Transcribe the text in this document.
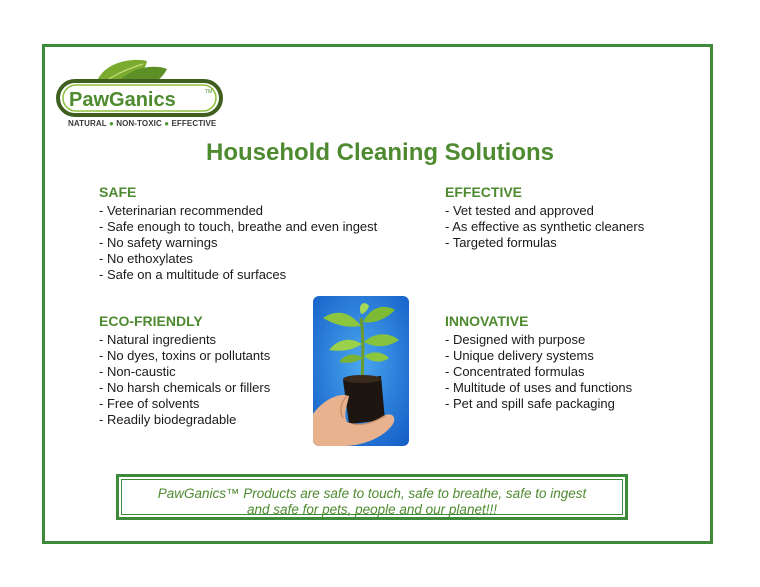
PawGanics	TM
NATURAL ● NON-TOXIC ● EFFECTIVE
Household Cleaning Solutions
SAFE
- Veterinarian recommended
- Safe enough to touch, breathe and even ingest
- No safety warnings
- No ethoxylates
- Safe on a multitude of surfaces
EFFECTIVE
- Vet tested and approved
- As effective as synthetic cleaners
- Targeted formulas
ECO-FRIENDLY
- Natural ingredients
- No dyes, toxins or pollutants
- Non-caustic
- No harsh chemicals or fillers
- Free of solvents
- Readily biodegradable
INNOVATIVE
- Designed with purpose
- Unique delivery systems
- Concentrated formulas
- Multitude of uses and functions
- Pet and spill safe packaging

PawGanics™ Products are safe to touch, safe to breathe, safe to ingest
and safe for pets, people and our planet!!!
